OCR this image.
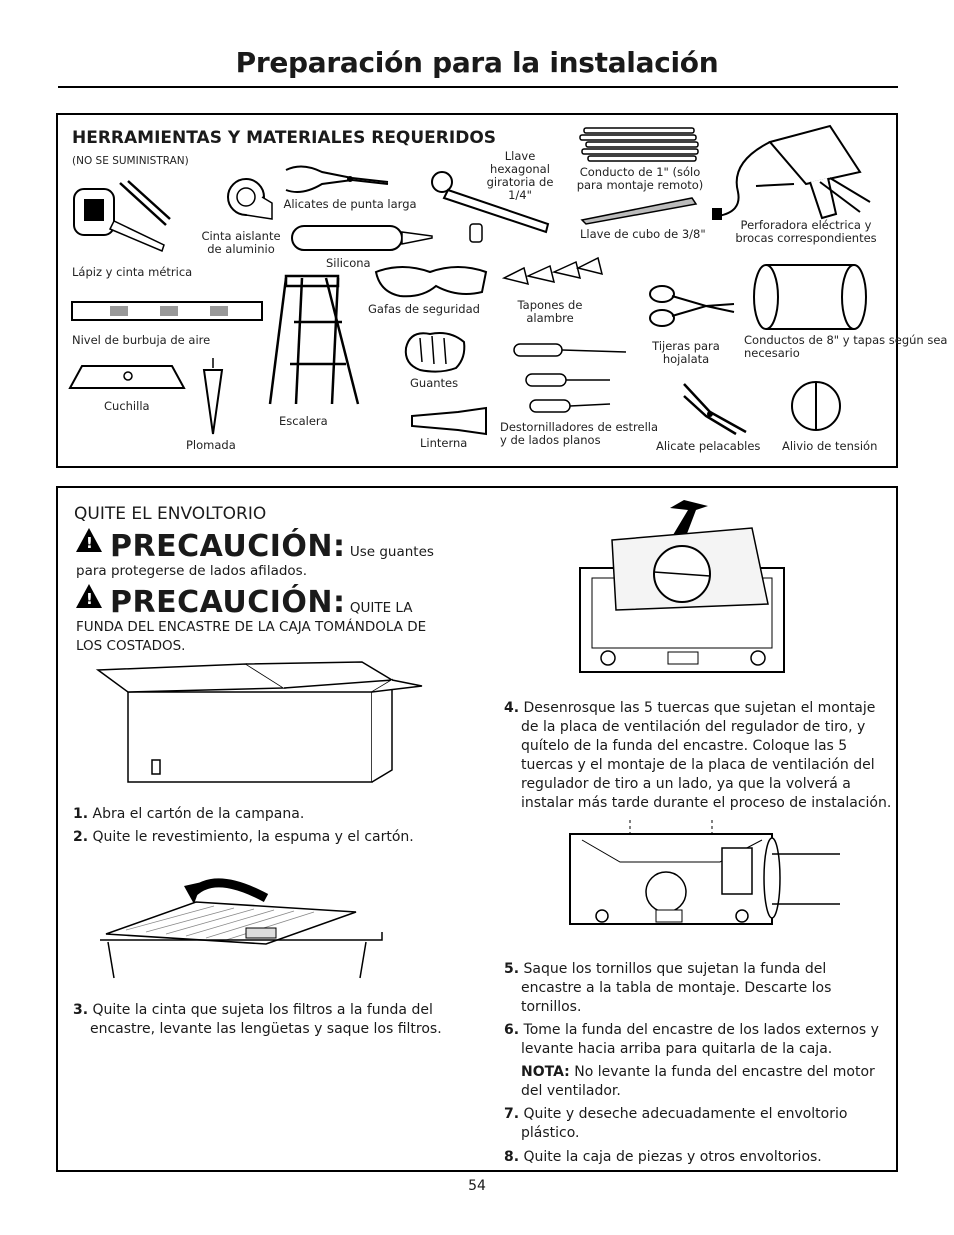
Preparación para la instalación
HERRAMIENTAS Y MATERIALES REQUERIDOS
(NO SE SUMINISTRAN)
Lápiz y cinta métrica
Cinta aislante de aluminio
Alicates de punta larga
Llave hexagonal giratoria de 1/4"
Conducto de 1" (sólo para montaje remoto)
Llave de cubo de 3/8"
Perforadora eléctrica y brocas correspondientes
Silicona
Nivel de burbuja de aire
Escalera
Gafas de seguridad	Tapones de alambre
Tijeras para hojalata
Conductos de 8" y tapas según sea necesario
Cuchilla
Plomada
Guantes
Linterna
Destornilladores de estrella y de lados planos	Alicate pelacables Alivio de tensión
QUITE EL ENVOLTORIO
!PRECAUCIÓN: Use guantes para protegerse de lados afilados.
!PRECAUCIÓN: QUITE LA FUNDA DEL ENCASTRE DE LA CAJA TOMÁNDOLA DE LOS COSTADOS.
1. Abra el cartón de la campana.
2. Quite le revestimiento, la espuma y el cartón.
3. Quite la cinta que sujeta los filtros a la funda del encastre, levante las lengüetas y saque los filtros.
4. Desenrosque las 5 tuercas que sujetan el montaje de la placa de ventilación del regulador de tiro, y quítelo de la funda del encastre. Coloque las 5 tuercas y el montaje de la placa de ventilación del regulador de tiro a un lado, ya que la volverá a instalar más tarde durante el proceso de instalación.
5. Saque los tornillos que sujetan la funda del encastre a la tabla de montaje. Descarte los tornillos.
6. Tome la funda del encastre de los lados externos y levante hacia arriba para quitarla de la caja.
NOTA: No levante la funda del encastre del motor del ventilador.
7. Quite y deseche adecuadamente el envoltorio plástico.
8. Quite la caja de piezas y otros envoltorios.
54
